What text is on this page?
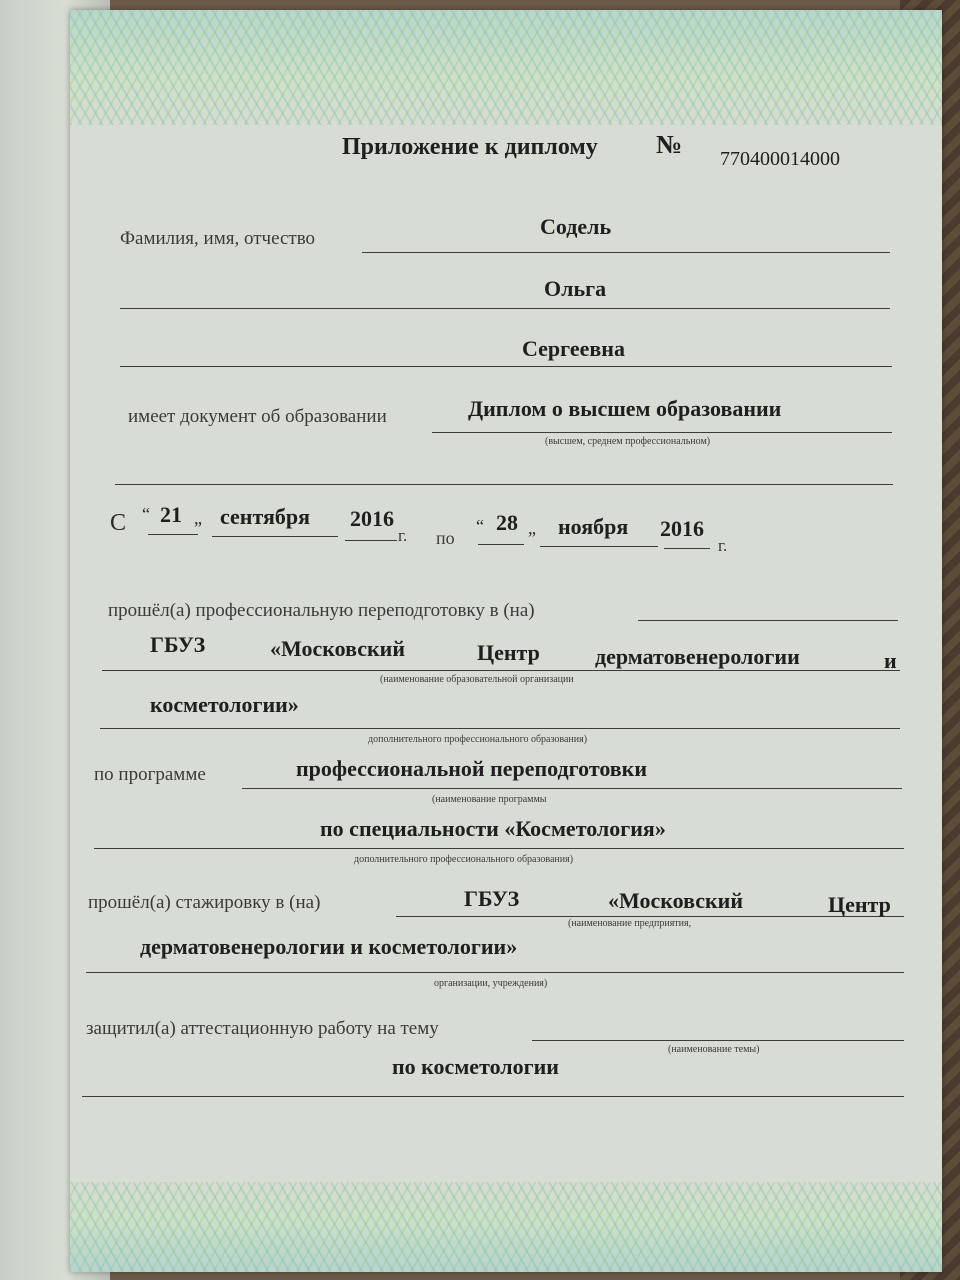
Приложение к диплому № 770400014000
Фамилия, имя, отчество	Содель
Ольга
Сергеевна
имеет документ об образовании	Диплом о высшем образовании
(высшем, среднем профессиональном)
С “ 21 „ сентября 2016
г. по
“ 28 „ ноября 2016
г.
прошёл(а) профессиональную переподготовку в (на)
ГБУЗ	«Московский	Центр	дерматовенерологии	и
(наименование образовательной организации
косметологии»
дополнительного профессионального образования)
по программе	профессиональной переподготовки
(наименование программы
по специальности «Косметология»
дополнительного профессионального образования)
прошёл(а) стажировку в (на)	ГБУЗ	«Московский	Центр
(наименование предприятия,
дерматовенерологии и косметологии»
организации, учреждения)
защитил(а) аттестационную работу на тему
(наименование темы)
по косметологии
